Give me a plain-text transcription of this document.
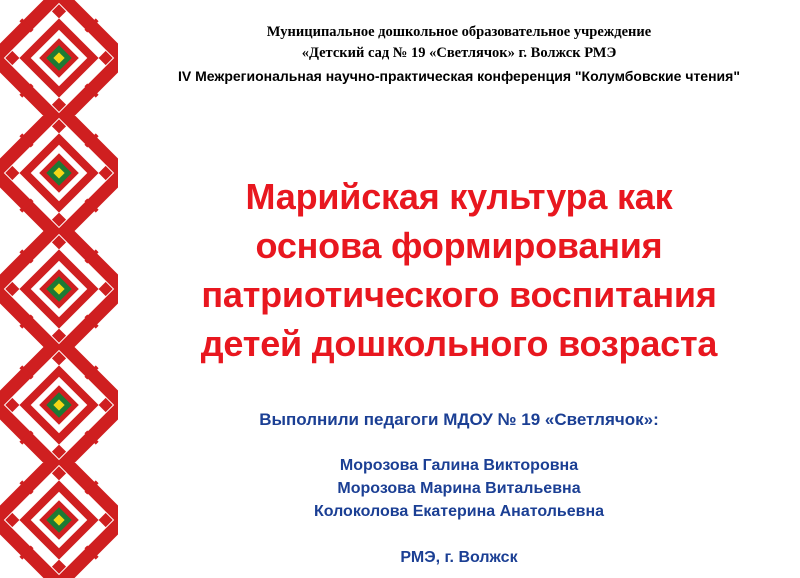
Муниципальное дошкольное образовательное учреждение
«Детский сад № 19 «Светлячок» г. Волжск РМЭ
IV Межрегиональная научно-практическая конференция "Колумбовские чтения"
Марийская культура как
основа формирования
патриотического воспитания
детей дошкольного возраста
Выполнили педагоги МДОУ № 19 «Светлячок»:
Морозова Галина Викторовна
Морозова Марина Витальевна
Колоколова Екатерина Анатольевна
РМЭ, г. Волжск
